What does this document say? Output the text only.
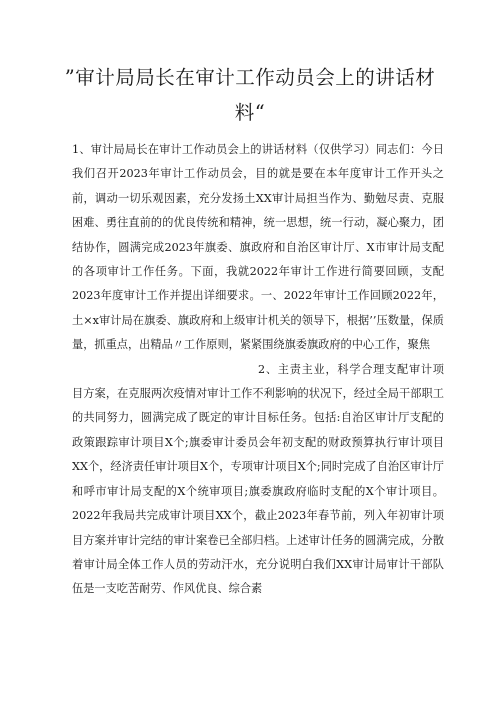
”审计局局长在审计工作动员会上的讲话材
料“

1、审计局局长在审计工作动员会上的讲话材料（仅供学习）同志们：今日我们召开2023年审计工作动员会，目的就是要在本年度审计工作开头之前，调动一切乐观因素，充分发扬土XX审计局担当作为、勤勉尽责、克服困难、勇往直前的的优良传统和精神，统一思想，统一行动，凝心聚力，团结协作，圆满完成2023年旗委、旗政府和自治区审计厅、X市审计局支配的各项审计工作任务。下面，我就2022年审计工作进行简要回顾，支配2023年度审计工作并提出详细要求。一、2022年审计工作回顾2022年，土×x审计局在旗委、旗政府和上级审计机关的领导下，根据’’压数量，保质量，抓重点，出精品〃工作原则，紧紧围绕旗委旗政府的中心工作，聚焦

2、主责主业，科学合理支配审计项目方案，在克服两次疫情对审计工作不利影响的状况下，经过全局干部职工的共同努力，圆满完成了既定的审计目标任务。包括:自治区审计厅支配的政策跟踪审计项目X个;旗委审计委员会年初支配的财政预算执行审计项目XX个，经济责任审计项目X个，专项审计项目X个;同时完成了自治区审计厅和呼市审计局支配的X个统审项目;旗委旗政府临时支配的X个审计项目。2022年我局共完成审计项目XX个，截止2023年春节前，列入年初审计项目方案并审计完结的审计案卷已全部归档。上述审计任务的圆满完成，分散着审计局全体工作人员的劳动汗水，充分说明白我们XX审计局审计干部队伍是一支吃苦耐劳、作风优良、综合素
